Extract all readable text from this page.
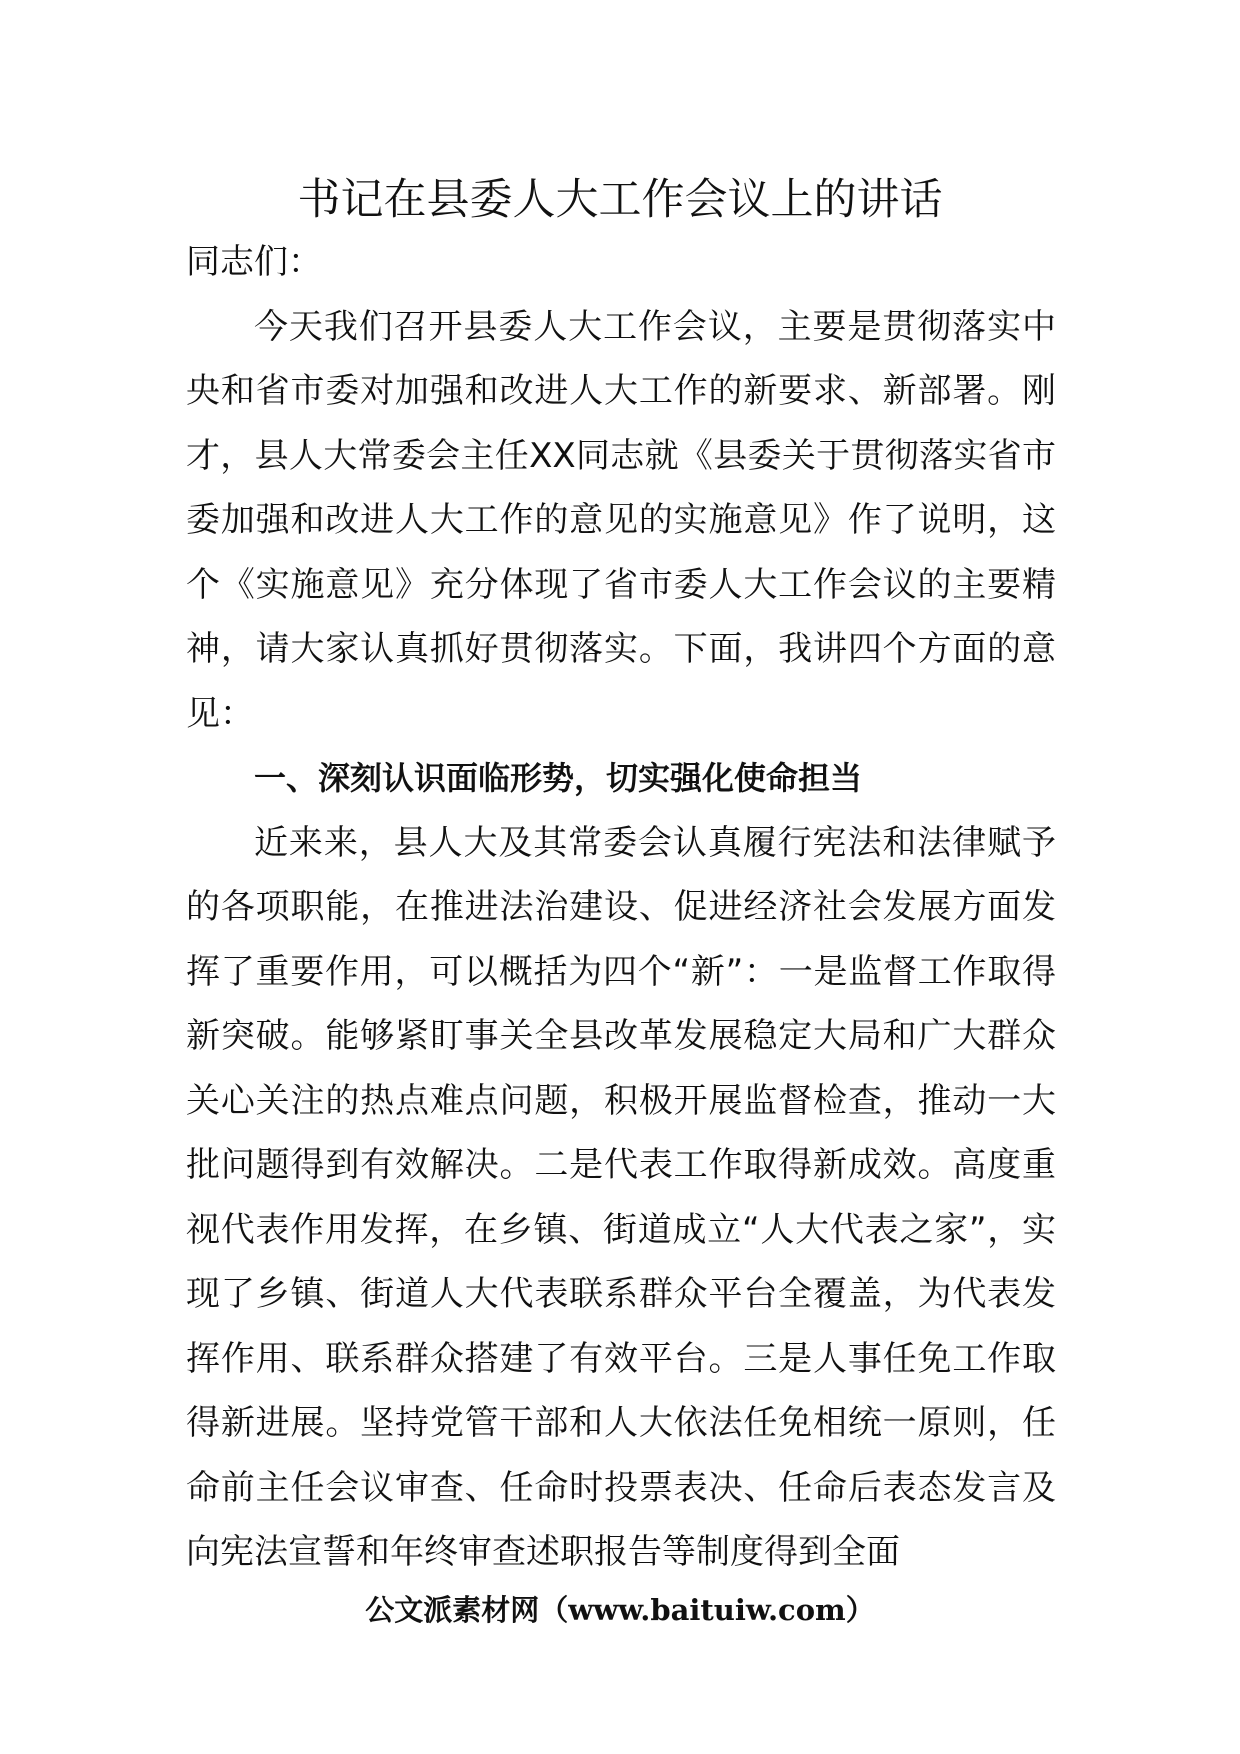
书记在县委人大工作会议上的讲话

同志们：

今天我们召开县委人大工作会议，主要是贯彻落实中央和省市委对加强和改进人大工作的新要求、新部署。刚才，县人大常委会主任XX同志就《县委关于贯彻落实省市委加强和改进人大工作的意见的实施意见》作了说明，这个《实施意见》充分体现了省市委人大工作会议的主要精神，请大家认真抓好贯彻落实。下面，我讲四个方面的意见：

一、深刻认识面临形势，切实强化使命担当

近来来，县人大及其常委会认真履行宪法和法律赋予的各项职能，在推进法治建设、促进经济社会发展方面发挥了重要作用，可以概括为四个“新”：一是监督工作取得新突破。能够紧盯事关全县改革发展稳定大局和广大群众关心关注的热点难点问题，积极开展监督检查，推动一大批问题得到有效解决。二是代表工作取得新成效。高度重视代表作用发挥，在乡镇、街道成立“人大代表之家”，实现了乡镇、街道人大代表联系群众平台全覆盖，为代表发挥作用、联系群众搭建了有效平台。三是人事任免工作取得新进展。坚持党管干部和人大依法任免相统一原则，任命前主任会议审查、任命时投票表决、任命后表态发言及向宪法宣誓和年终审查述职报告等制度得到全面

公文派素材网（www.baituiw.com）
